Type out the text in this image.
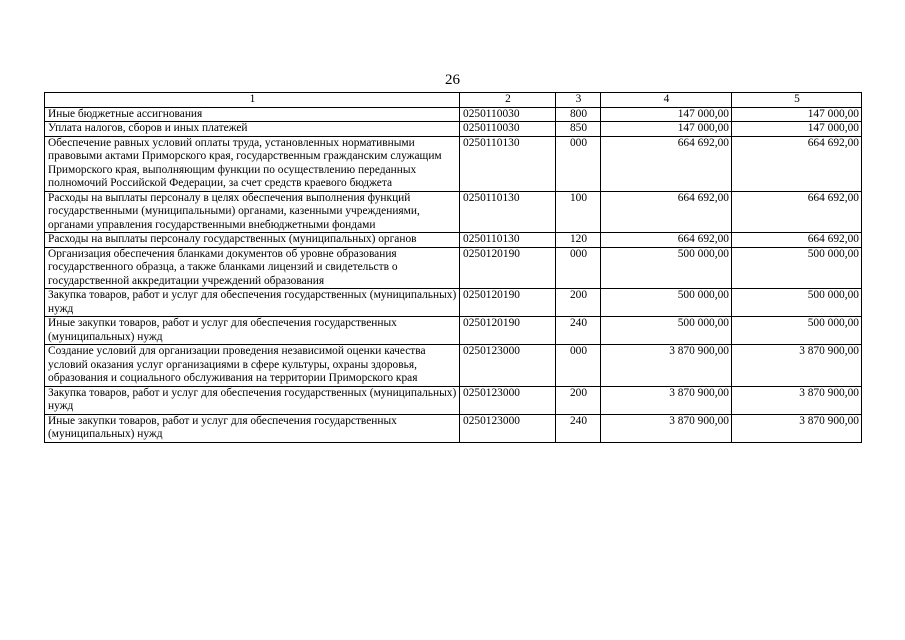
26
1	2	3	4	5
Иные бюджетные ассигнования	0250110030	800	147 000,00	147 000,00
Уплата налогов, сборов и иных платежей	0250110030	850	147 000,00	147 000,00
Обеспечение равных условий оплаты труда, установленных нормативными правовыми актами Приморского края, государственным гражданским служащим Приморского края, выполняющим функции по осуществлению переданных полномочий Российской Федерации, за счет средств краевого бюджета	0250110130	000	664 692,00	664 692,00
Расходы на выплаты персоналу в целях обеспечения выполнения функций государственными (муниципальными) органами, казенными учреждениями, органами управления государственными внебюджетными фондами	0250110130	100	664 692,00	664 692,00
Расходы на выплаты персоналу государственных (муниципальных) органов	0250110130	120	664 692,00	664 692,00
Организация обеспечения бланками документов об уровне образования государственного образца, а также бланками лицензий и свидетельств о государственной аккредитации учреждений образования	0250120190	000	500 000,00	500 000,00
Закупка товаров, работ и услуг для обеспечения государственных (муниципальных) нужд	0250120190	200	500 000,00	500 000,00
Иные закупки товаров, работ и услуг для обеспечения государственных (муниципальных) нужд	0250120190	240	500 000,00	500 000,00
Создание условий для организации проведения независимой оценки качества условий оказания услуг организациями в сфере культуры, охраны здоровья, образования и социального обслуживания на территории Приморского края	0250123000	000	3 870 900,00	3 870 900,00
Закупка товаров, работ и услуг для обеспечения государственных (муниципальных) нужд	0250123000	200	3 870 900,00	3 870 900,00
Иные закупки товаров, работ и услуг для обеспечения государственных (муниципальных) нужд	0250123000	240	3 870 900,00	3 870 900,00
